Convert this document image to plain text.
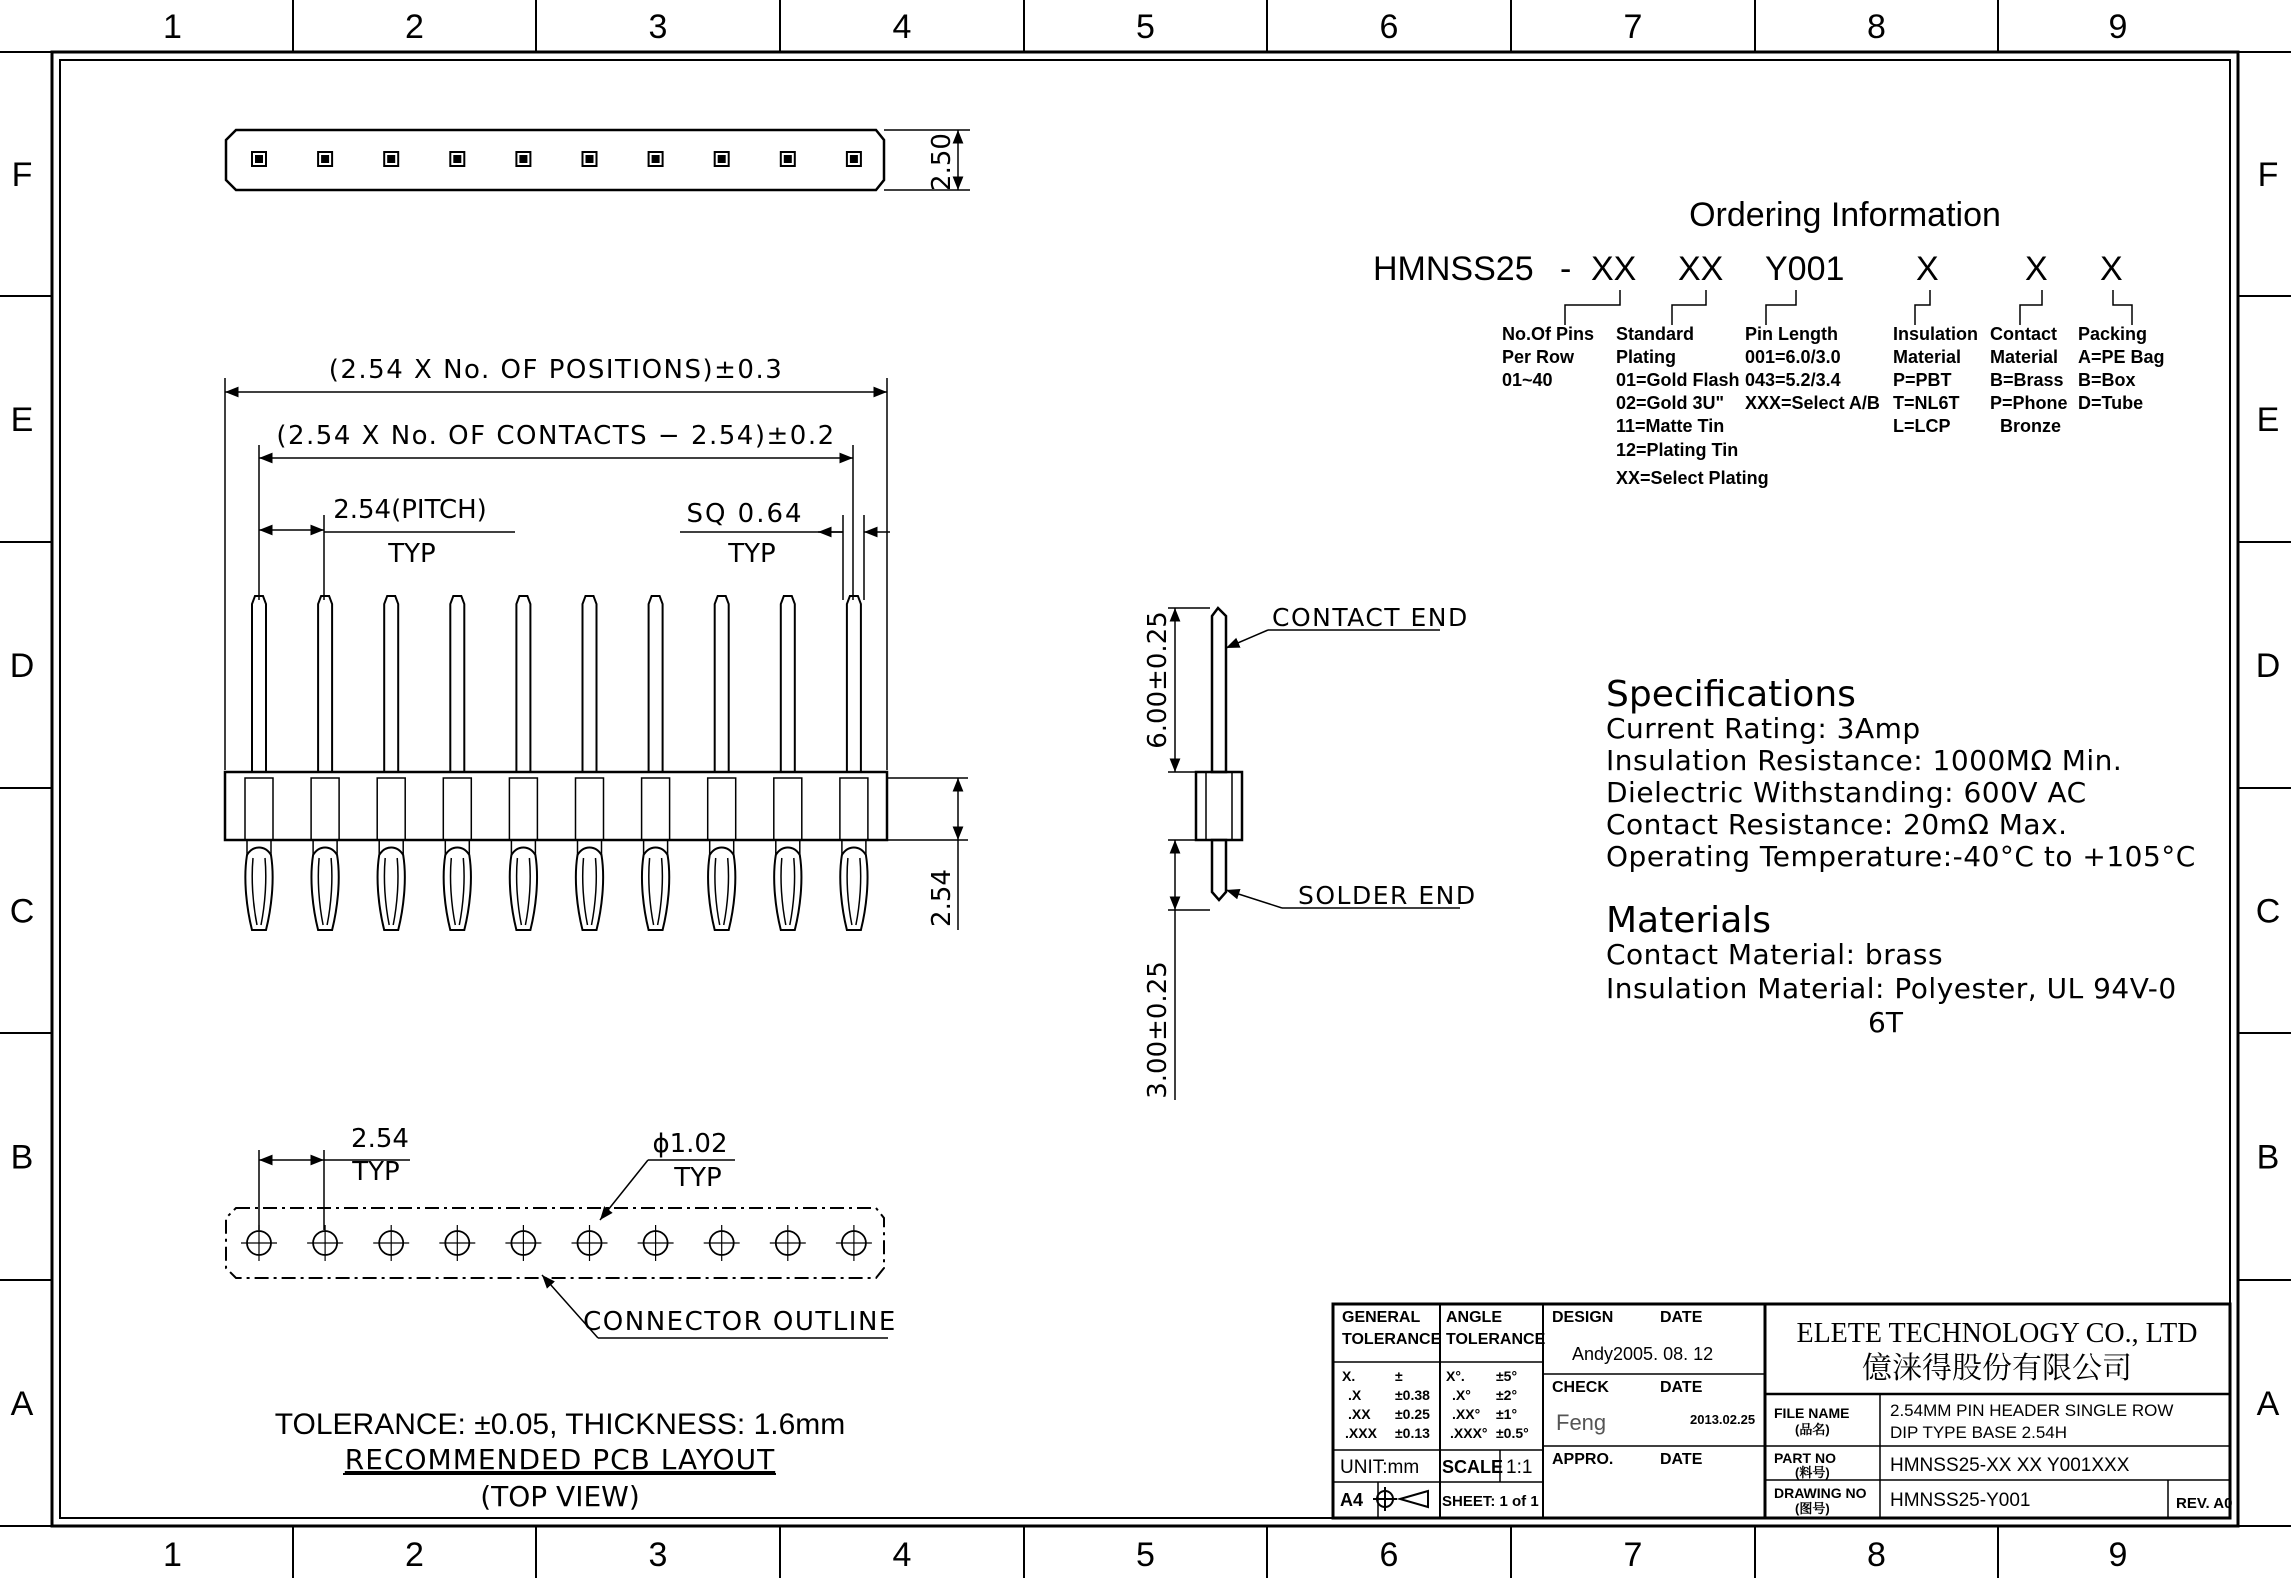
1
1
2
2
3
3
4
4
5
5
6
6
7
7
8
8
9
9
F	F
E	E
D	D
C	C
B	B
A	A
2.50
(2.54 X No. OF POSITIONS)±0.3
(2.54 X No. OF CONTACTS − 2.54)±0.2
2.54(PITCH)
TYP
SQ 0.64
TYP
2.54
CONTACT END
SOLDER END
6.00±0.25
3.00±0.25
2.54
TYP
ϕ1.02
TYP
CONNECTOR OUTLINE
TOLERANCE: ±0.05, THICKNESS: 1.6mm
RECOMMENDED PCB LAYOUT
(TOP VIEW)
Ordering Information
HMNSS25 - XX XX Y001 X	X X
No.Of Pins
Per Row
01~40
Standard
Plating
01=Gold Flash
02=Gold 3U"
11=Matte Tin
12=Plating Tin
XX=Select Plating
Pin Length
001=6.0/3.0
043=5.2/3.4
XXX=Select A/B
Insulation
Material
P=PBT
T=NL6T
L=LCP
Contact
Material
B=Brass
P=Phone
Bronze
Packing
A=PE Bag
B=Box
D=Tube
Specifications
Current Rating: 3Amp
Insulation Resistance: 1000MΩ Min.
Dielectric Withstanding: 600V AC
Contact Resistance: 20mΩ Max.
Operating Temperature:-40°C to +105°C
Materials
Contact Material: brass
Insulation Material: Polyester, UL 94V-0
6T
GENERAL
TOLERANCE
ANGLE
TOLERANCE
X.	±
.X ±0.38
.XX ±0.25
.XXX ±0.13
X°. ±5°
.X° ±2°
.XX° ±1°
.XXX° ±0.5°
UNIT:mm SCALE 1:1
A4	SHEET: 1 of 1
DESIGN	DATE
Andy2005. 08. 12
CHECK	DATE
Feng	2013.02.25
APPRO.	DATE
ELETE TECHNOLOGY CO., LTD
億涞得股份有限公司
FILE NAME
(品名)
2.54MM PIN HEADER SINGLE ROW
DIP TYPE BASE 2.54H
PART NO
(料号)	HMNSS25-XX XX Y001XXX
DRAWING NO
(图号)	HMNSS25-Y001	REV. A0
